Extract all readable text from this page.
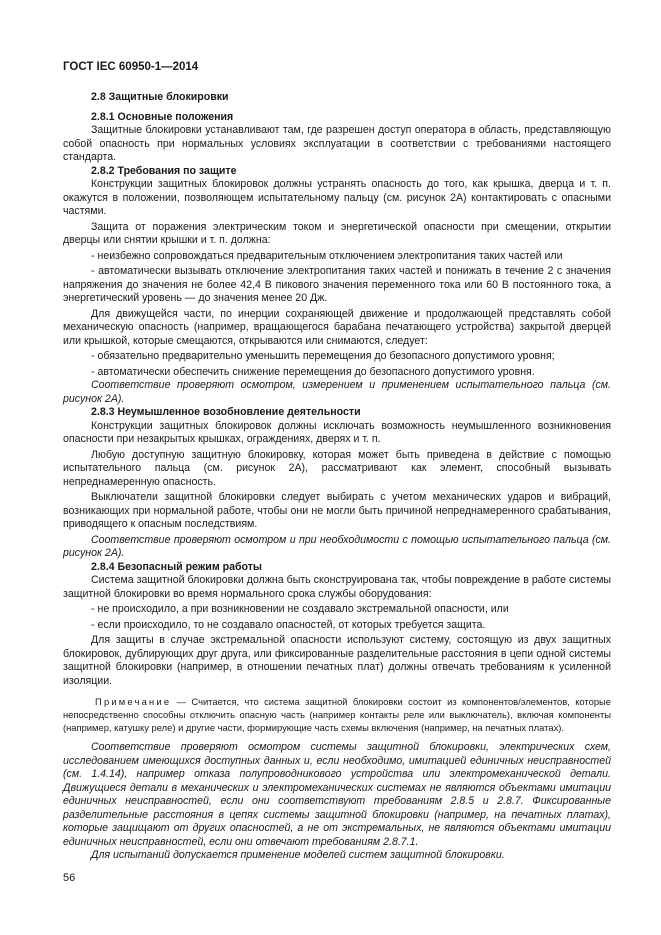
ГОСТ IEC 60950-1—2014

2.8 Защитные блокировки

2.8.1 Основные положения

Защитные блокировки устанавливают там, где разрешен доступ оператора в область, представляющую собой опасность при нормальных условиях эксплуатации в соответствии с требованиями настоящего стандарта.

2.8.2 Требования по защите

Конструкции защитных блокировок должны устранять опасность до того, как крышка, дверца и т. п. окажутся в положении, позволяющем испытательному пальцу (см. рисунок 2А) контактировать с опасными частями.

Защита от поражения электрическим током и энергетической опасности при смещении, открытии дверцы или снятии крышки и т. п. должна:

- неизбежно сопровождаться предварительным отключением электропитания таких частей или

- автоматически вызывать отключение электропитания таких частей и понижать в течение 2 с значения напряжения до значения не более 42,4 В пикового значения переменного тока или 60 В постоянного тока, а энергетический уровень — до значения менее 20 Дж.

Для движущейся части, по инерции сохраняющей движение и продолжающей представлять собой механическую опасность (например, вращающегося барабана печатающего устройства) закрытой дверцей или крышкой, которые смещаются, открываются или снимаются, следует:

- обязательно предварительно уменьшить перемещения до безопасного допустимого уровня;

- автоматически обеспечить снижение перемещения до безопасного допустимого уровня.

Соответствие проверяют осмотром, измерением и применением испытательного пальца (см. рисунок 2А).

2.8.3 Неумышленное возобновление деятельности

Конструкции защитных блокировок должны исключать возможность неумышленного возникновения опасности при незакрытых крышках, ограждениях, дверях и т. п.

Любую доступную защитную блокировку, которая может быть приведена в действие с помощью испытательного пальца (см. рисунок 2А), рассматривают как элемент, способный вызывать непреднамеренную опасность.

Выключатели защитной блокировки следует выбирать с учетом механических ударов и вибраций, возникающих при нормальной работе, чтобы они не могли быть причиной непреднамеренного срабатывания, приводящего к опасным последствиям.

Соответствие проверяют осмотром и при необходимости с помощью испытательного пальца (см. рисунок 2А).

2.8.4 Безопасный режим работы

Система защитной блокировки должна быть сконструирована так, чтобы повреждение в работе системы защитной блокировки во время нормального срока службы оборудования:

- не происходило, а при возникновении не создавало экстремальной опасности, или

- если происходило, то не создавало опасностей, от которых требуется защита.

Для защиты в случае экстремальной опасности используют систему, состоящую из двух защитных блокировок, дублирующих друг друга, или фиксированные разделительные расстояния в цепи одной системы защитной блокировки (например, в отношении печатных плат) должны отвечать требованиям к усиленной изоляции.

Примечание — Считается, что система защитной блокировки состоит из компонентов/элементов, которые непосредственно способны отключить опасную часть (например контакты реле или выключатель), включая компоненты (например, катушку реле) и другие части, формирующие часть схемы включения (например, на печатных платах).

Соответствие проверяют осмотром системы защитной блокировки, электрических схем, исследованием имеющихся доступных данных и, если необходимо, имитацией единичных неисправностей (см. 1.4.14), например отказа полупроводникового устройства или электромеханической детали. Движущиеся детали в механических и электромеханических системах не являются объектами имитации единичных неисправностей, если они соответствуют требованиям 2.8.5 и 2.8.7. Фиксированные разделительные расстояния в цепях системы защитной блокировки (например, на печатных платах), которые защищают от других опасностей, а не от экстремальных, не являются объектами имитации единичных неисправностей, если они отвечают требованиям 2.8.7.1.

Для испытаний допускается применение моделей систем защитной блокировки.

56
